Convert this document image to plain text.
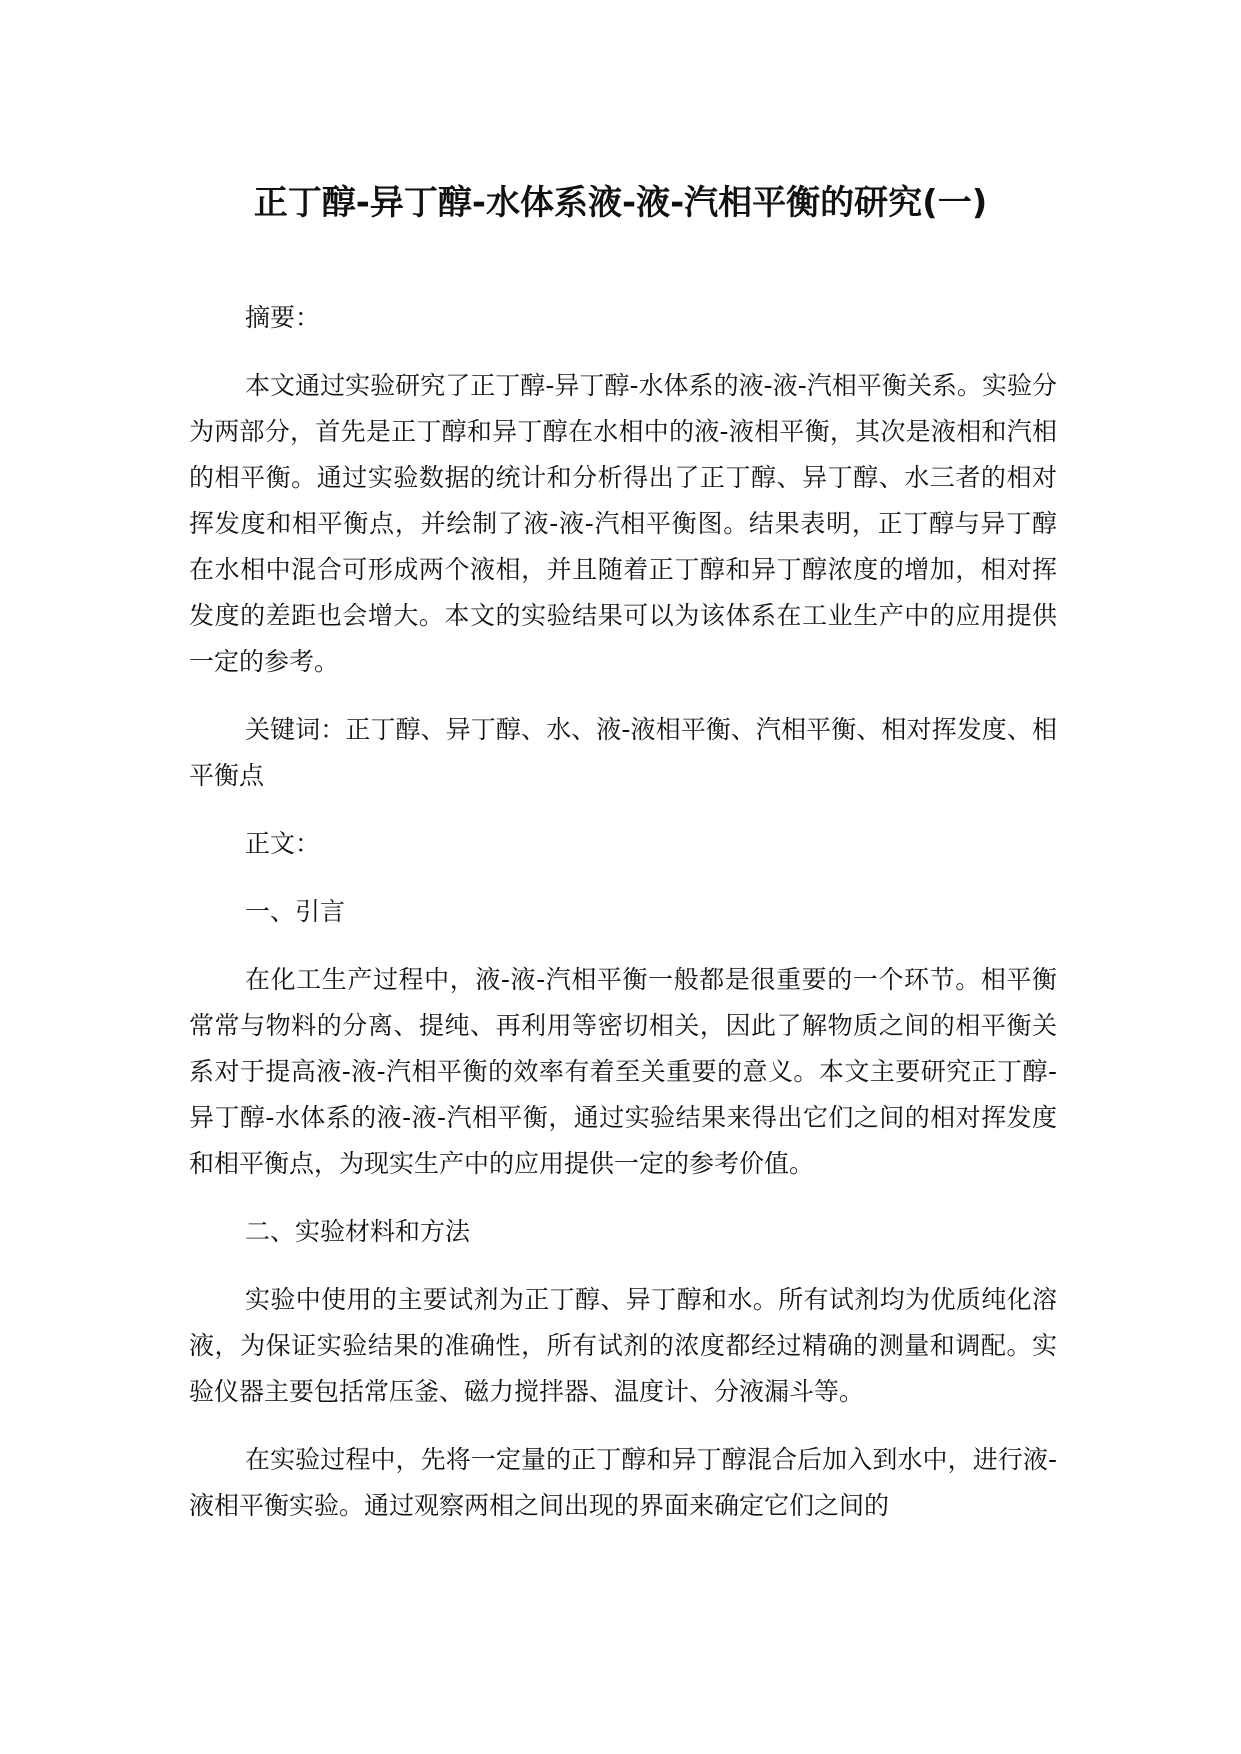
正丁醇-异丁醇-水体系液-液-汽相平衡的研究(一)

摘要：

本文通过实验研究了正丁醇-异丁醇-水体系的液-液-汽相平衡关系。实验分为两部分，首先是正丁醇和异丁醇在水相中的液-液相平衡，其次是液相和汽相的相平衡。通过实验数据的统计和分析得出了正丁醇、异丁醇、水三者的相对挥发度和相平衡点，并绘制了液-液-汽相平衡图。结果表明，正丁醇与异丁醇在水相中混合可形成两个液相，并且随着正丁醇和异丁醇浓度的增加，相对挥发度的差距也会增大。本文的实验结果可以为该体系在工业生产中的应用提供一定的参考。

关键词：正丁醇、异丁醇、水、液-液相平衡、汽相平衡、相对挥发度、相平衡点

正文：

一、引言

在化工生产过程中，液-液-汽相平衡一般都是很重要的一个环节。相平衡常常与物料的分离、提纯、再利用等密切相关，因此了解物质之间的相平衡关系对于提高液-液-汽相平衡的效率有着至关重要的意义。本文主要研究正丁醇-异丁醇-水体系的液-液-汽相平衡，通过实验结果来得出它们之间的相对挥发度和相平衡点，为现实生产中的应用提供一定的参考价值。

二、实验材料和方法

实验中使用的主要试剂为正丁醇、异丁醇和水。所有试剂均为优质纯化溶液，为保证实验结果的准确性，所有试剂的浓度都经过精确的测量和调配。实验仪器主要包括常压釜、磁力搅拌器、温度计、分液漏斗等。

在实验过程中，先将一定量的正丁醇和异丁醇混合后加入到水中，进行液-液相平衡实验。通过观察两相之间出现的界面来确定它们之间的
